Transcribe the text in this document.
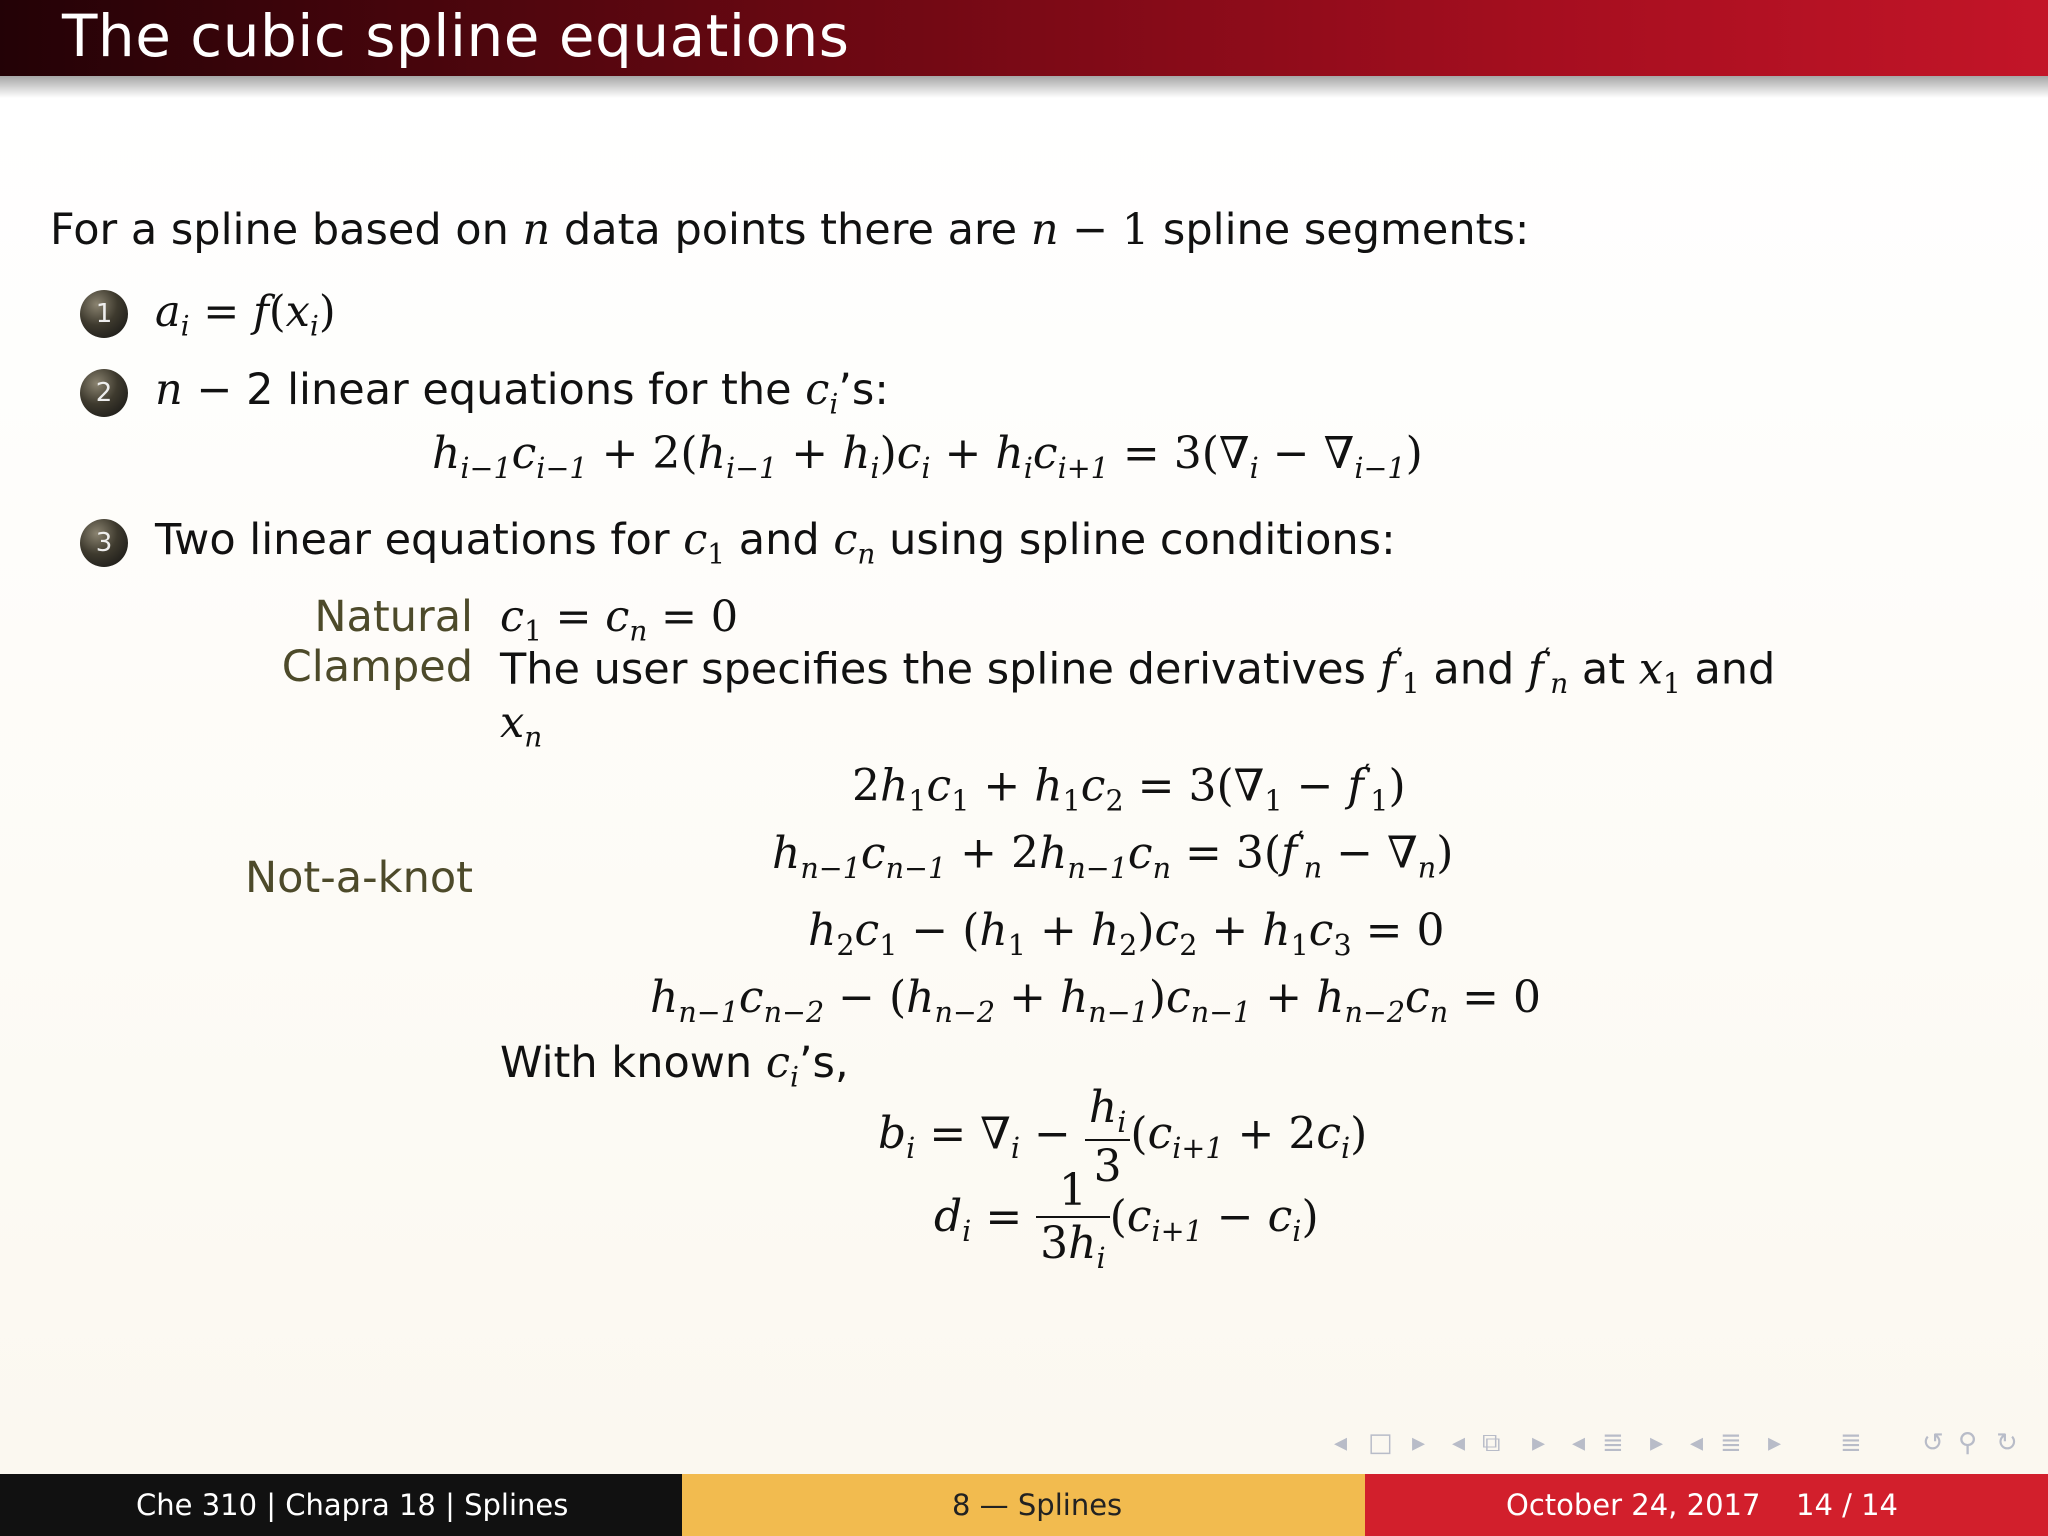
The cubic spline equations
For a spline based on n data points there are n − 1 spline segments:
1 $a_i = f(x_i)$
2 n − 2 linear equations for the $c_i’s$:
$h_{i-1}c_{i-1} + 2(h_{i-1} + h_i)c_i + h_ic_{i+1} = 3(\nabla_i - \nabla_{i-1})$
3 Two linear equations for $c_1$ and $c_n$ using spline conditions:
Natural $c_1 = c_n = 0$
Clamped The user specifies the spline derivatives $f'_1$ and $f'_n$ at $x_1$ and
$x_n$
$2h_1c_1 + h_1c_2 = 3(\nabla_1 - f'_1)$
$h_{n-1}c_{n-1} + 2h_{n-1}c_n = 3(f'_n - \nabla_n)$
Not-a-knot
$h_2c_1 - (h_1 + h_2)c_2 + h_1c_3 = 0$
$h_{n-1}c_{n-2} - (h_{n-2} + h_{n-1})c_{n-1} + h_{n-2}c_n = 0$
With known $c_i’s$,
$b_i = \nabla_i - \frac{h_i}{3} (c_{i+1} + 2c_i)$
$d_i = \frac{1}{3h_i} (c_{i+1} - c_i)$
◂ □ ▸ ◂ ⧉ ▸ ◂ ≣ ▸ ◂ ≣ ▸ ≣ ↺ ⚲ ↻
Che 310 | Chapra 18 | Splines	8 — Splines	October 24, 2017 14 / 14
